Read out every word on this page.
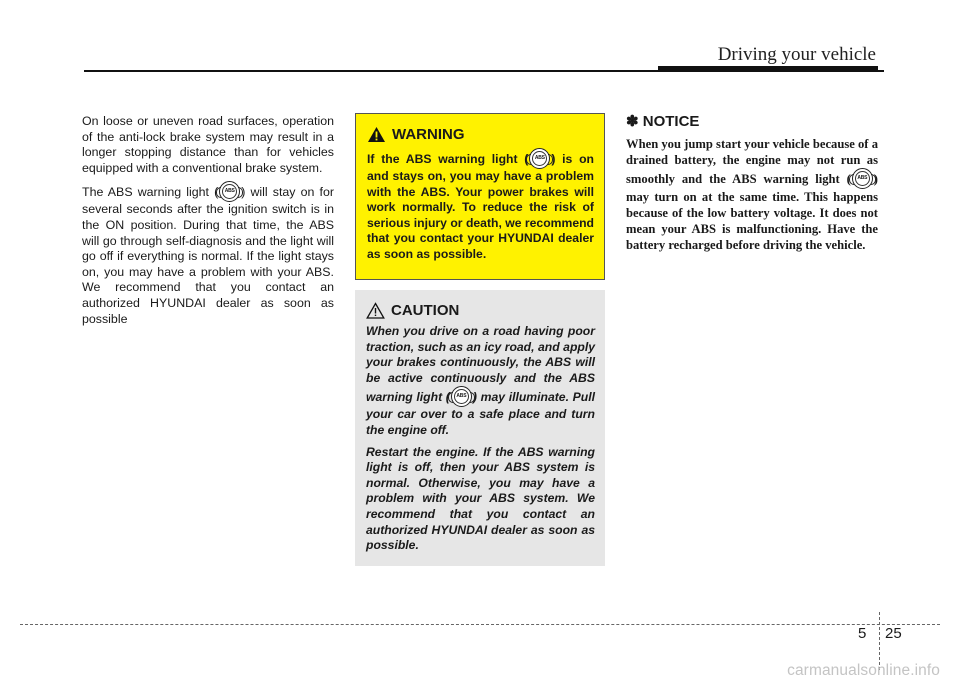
Driving your vehicle

On loose or uneven road surfaces, operation of the anti-lock brake system may result in a longer stopping distance than for vehicles equipped with a conventional brake system.

The ABS warning light (	ABS ) will stay on for several seconds after the ignition switch is in the ON position. During that time, the ABS will go through self-diagnosis and the light will go off if everything is normal. If the light stays on, you may have a problem with your ABS. We recommend that you contact an authorized HYUNDAI dealer as soon as possible

WARNING

If the ABS warning light (	ABS ) is on and stays on, you may have a problem with the ABS. Your power brakes will work normally. To reduce the risk of serious injury or death, we recommend that you contact your HYUNDAI dealer as soon as possible.

CAUTION

When you drive on a road having poor traction, such as an icy road, and apply your brakes continuously, the ABS will be active continuously and the ABS warning light (	ABS ) may illuminate. Pull your car over to a safe place and turn the engine off.

Restart the engine. If the ABS warning light is off, then your ABS system is normal. Otherwise, you may have a problem with your ABS system. We recommend that you contact an authorized HYUNDAI dealer as soon as possible.

✽ NOTICE

When you jump start your vehicle because of a drained battery, the engine may not run as smoothly and the ABS warning light (	ABS ) may turn on at the same time. This happens because of the low battery voltage. It does not mean your ABS is malfunctioning. Have the battery recharged before driving the vehicle.

5 25
carmanualsonline.info
